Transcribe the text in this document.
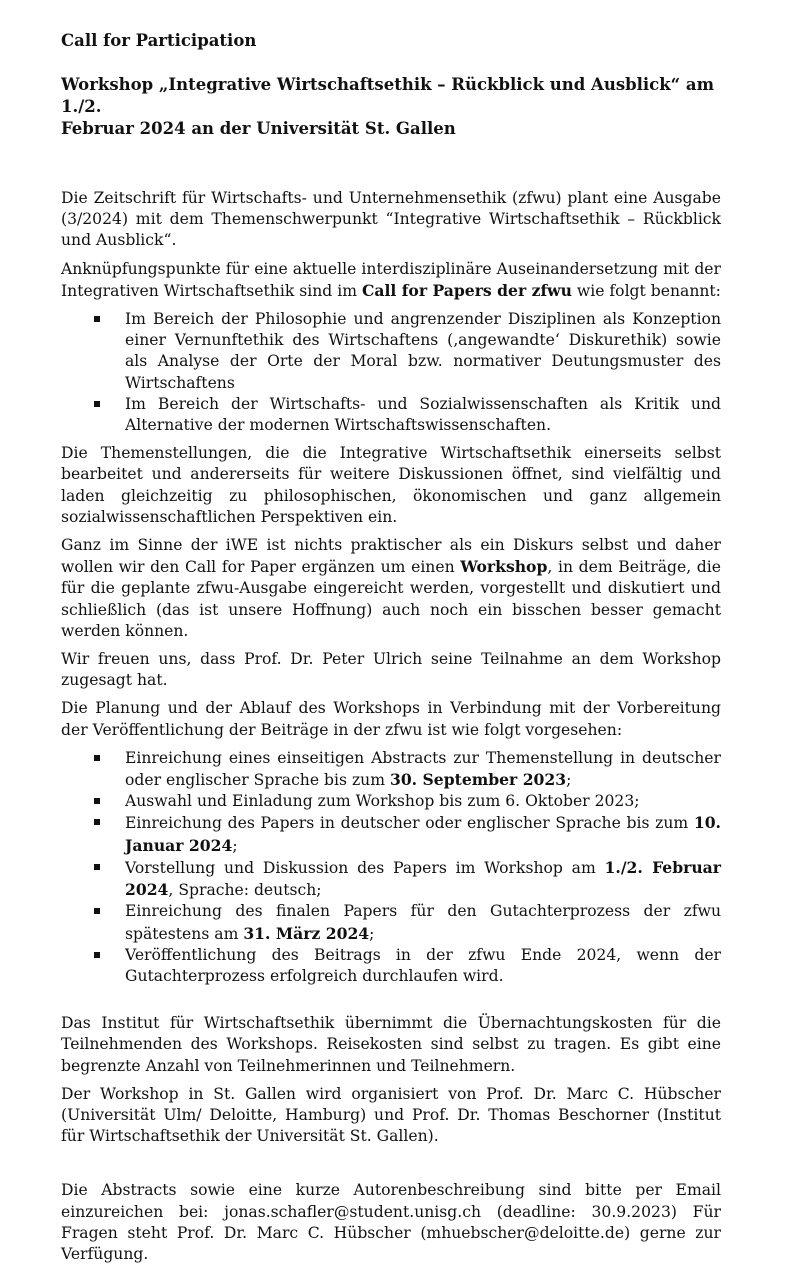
Call for Participation
Workshop „Integrative Wirtschaftsethik – Rückblick und Ausblick“ am 1./2.
Februar 2024 an der Universität St. Gallen

Die Zeitschrift für Wirtschafts- und Unternehmensethik (zfwu) plant eine Ausgabe (3/2024) mit dem Themenschwerpunkt “Integrative Wirtschaftsethik – Rückblick und Ausblick“.

Anknüpfungspunkte für eine aktuelle interdisziplinäre Auseinandersetzung mit der Integrativen Wirtschaftsethik sind im Call for Papers der zfwu wie folgt benannt:

Im Bereich der Philosophie und angrenzender Disziplinen als Konzeption einer Vernunftethik des Wirtschaftens (‚angewandte‘ Diskurethik) sowie als Analyse der Orte der Moral bzw. normativer Deutungsmuster des Wirtschaftens
Im Bereich der Wirtschafts- und Sozialwissenschaften als Kritik und Alternative der modernen Wirtschaftswissenschaften.

Die Themenstellungen, die die Integrative Wirtschaftsethik einerseits selbst bearbeitet und andererseits für weitere Diskussionen öffnet, sind vielfältig und laden gleichzeitig zu philosophischen, ökonomischen und ganz allgemein sozialwissenschaftlichen Perspektiven ein.

Ganz im Sinne der iWE ist nichts praktischer als ein Diskurs selbst und daher wollen wir den Call for Paper ergänzen um einen Workshop, in dem Beiträge, die für die geplante zfwu-Ausgabe eingereicht werden, vorgestellt und diskutiert und schließlich (das ist unsere Hoffnung) auch noch ein bisschen besser gemacht werden können.

Wir freuen uns, dass Prof. Dr. Peter Ulrich seine Teilnahme an dem Workshop zugesagt hat.

Die Planung und der Ablauf des Workshops in Verbindung mit der Vorbereitung der Veröffentlichung der Beiträge in der zfwu ist wie folgt vorgesehen:

Einreichung eines einseitigen Abstracts zur Themenstellung in deutscher oder englischer Sprache bis zum 30. September 2023;
Auswahl und Einladung zum Workshop bis zum 6. Oktober 2023;
Einreichung des Papers in deutscher oder englischer Sprache bis zum 10. Januar 2024;
Vorstellung und Diskussion des Papers im Workshop am 1./2. Februar 2024, Sprache: deutsch;
Einreichung des finalen Papers für den Gutachterprozess der zfwu spätestens am 31. März 2024;
Veröffentlichung des Beitrags in der zfwu Ende 2024, wenn der Gutachterprozess erfolgreich durchlaufen wird.

Das Institut für Wirtschaftsethik übernimmt die Übernachtungskosten für die Teilnehmenden des Workshops. Reisekosten sind selbst zu tragen. Es gibt eine begrenzte Anzahl von Teilnehmerinnen und Teilnehmern.

Der Workshop in St. Gallen wird organisiert von Prof. Dr. Marc C. Hübscher (Universität Ulm/ Deloitte, Hamburg) und Prof. Dr. Thomas Beschorner (Institut für Wirtschaftsethik der Universität St. Gallen).

Die Abstracts sowie eine kurze Autorenbeschreibung sind bitte per Email einzureichen bei: jonas.schafler@student.unisg.ch (deadline: 30.9.2023) Für Fragen steht Prof. Dr. Marc C. Hübscher (mhuebscher@deloitte.de) gerne zur Verfügung.
